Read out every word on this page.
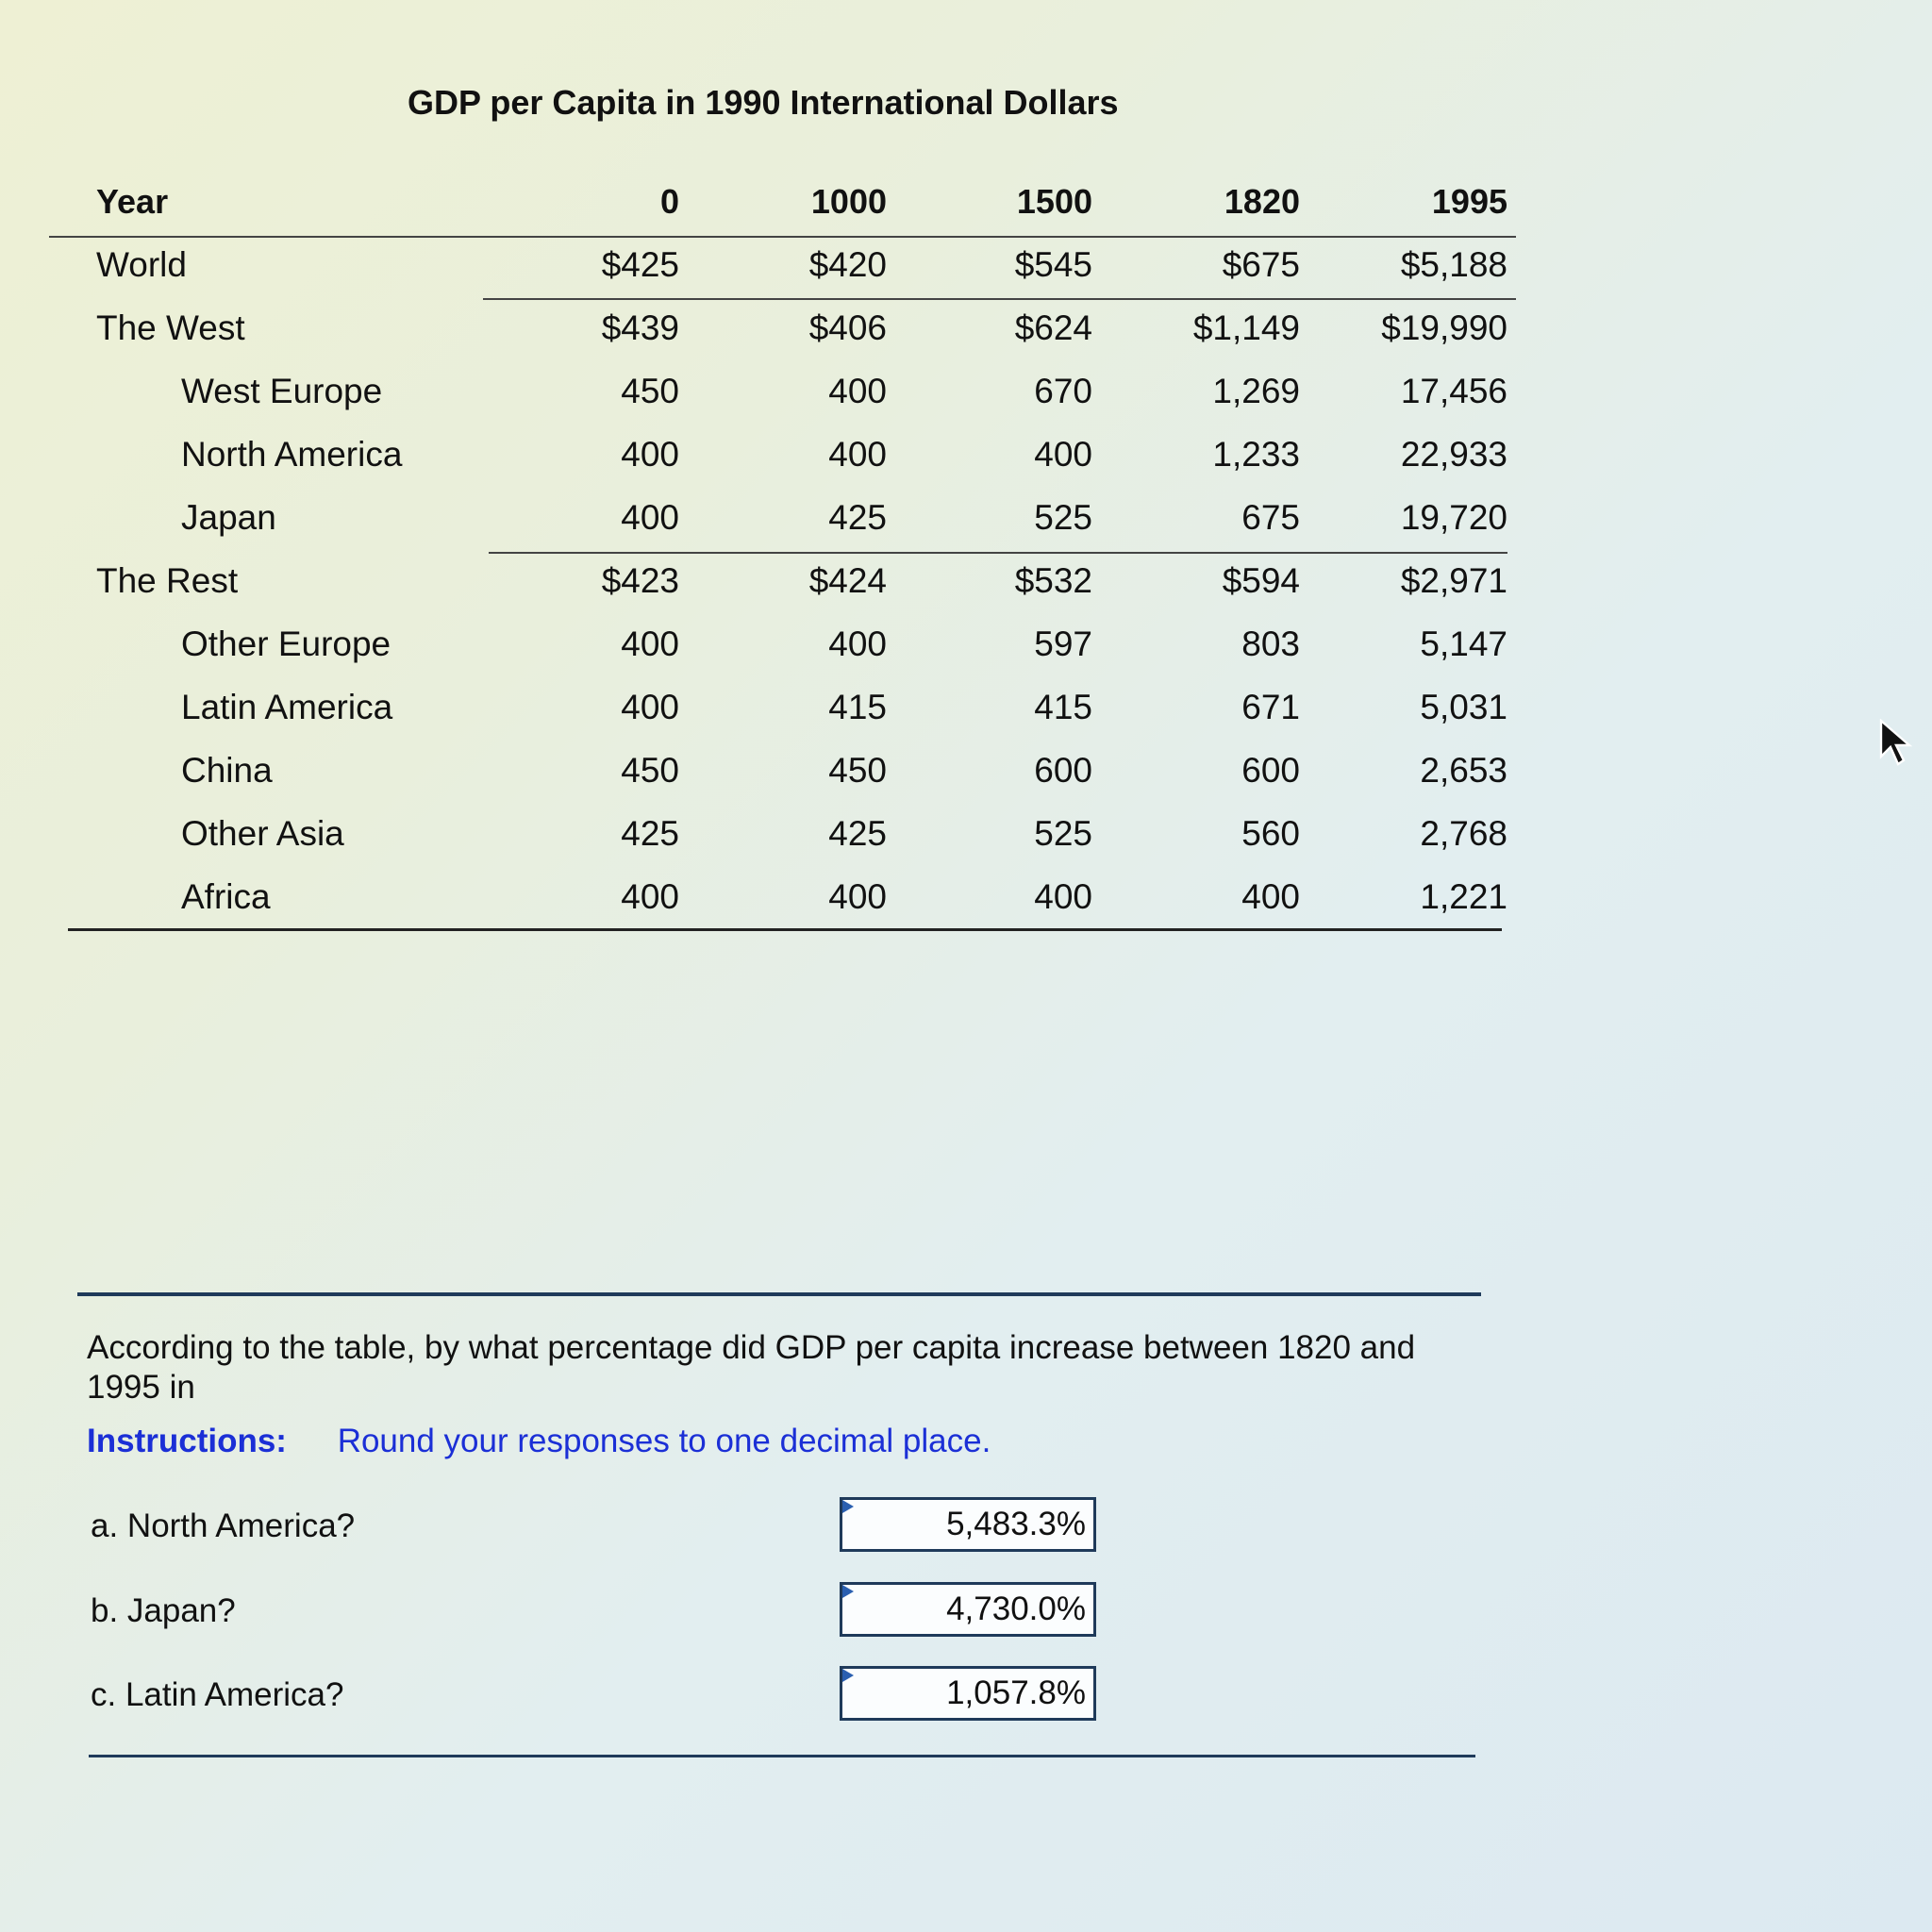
GDP per Capita in 1990 International Dollars
Year	0	1000	1500	1820	1995
World	$425	$420	$545	$675	$5,188
The West	$439	$406	$624	$1,149	$19,990
West Europe	450	400	670	1,269	17,456
North America	400	400	400	1,233	22,933
Japan	400	425	525	675	19,720
The Rest	$423	$424	$532	$594	$2,971
Other Europe	400	400	597	803	5,147
Latin America	400	415	415	671	5,031
China	450	450	600	600	2,653
Other Asia	425	425	525	560	2,768
Africa	400	400	400	400	1,221
According to the table, by what percentage did GDP per capita increase between 1820 and 1995 in
Instructions: Round your responses to one decimal place.
a. North America?	5,483.3%
b. Japan?	4,730.0%
c. Latin America?	1,057.8%
